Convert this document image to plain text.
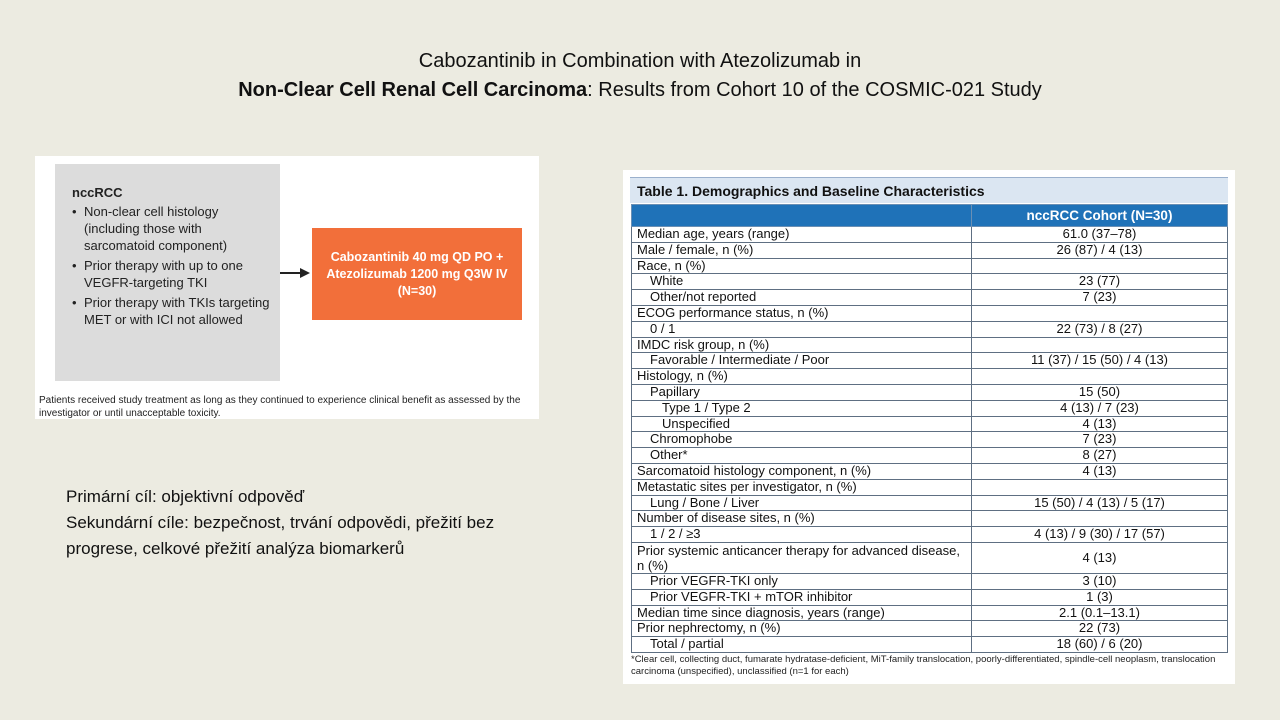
Cabozantinib in Combination with Atezolizumab in
Non-Clear Cell Renal Cell Carcinoma: Results from Cohort 10 of the COSMIC-021 Study
nccRCC
• Non-clear cell histology (including those with sarcomatoid component)
• Prior therapy with up to one VEGFR-targeting TKI
• Prior therapy with TKIs targeting MET or with ICI not allowed
Cabozantinib 40 mg QD PO +
Atezolizumab 1200 mg Q3W IV
(N=30)
Patients received study treatment as long as they continued to experience clinical benefit as assessed by the investigator or until unacceptable toxicity.

Primární cíl: objektivní odpověď

Sekundární cíle: bezpečnost, trvání odpovědi, přežití bez progrese, celkové přežití analýza biomarkerů

Table 1. Demographics and Baseline Characteristics
	nccRCC Cohort (N=30)
Median age, years (range)	61.0 (37–78)
Male / female, n (%)	26 (87) / 4 (13)
Race, n (%)	
White	23 (77)
Other/not reported	7 (23)
ECOG performance status, n (%)	
0 / 1	22 (73) / 8 (27)
IMDC risk group, n (%)	
Favorable / Intermediate / Poor	11 (37) / 15 (50) / 4 (13)
Histology, n (%)	
Papillary	15 (50)
Type 1 / Type 2	4 (13) / 7 (23)
Unspecified	4 (13)
Chromophobe	7 (23)
Other*	8 (27)
Sarcomatoid histology component, n (%)	4 (13)
Metastatic sites per investigator, n (%)	
Lung / Bone / Liver	15 (50) / 4 (13) / 5 (17)
Number of disease sites, n (%)	
1 / 2 / ≥3	4 (13) / 9 (30) / 17 (57)
Prior systemic anticancer therapy for advanced disease, n (%)	4 (13)
Prior VEGFR-TKI only	3 (10)
Prior VEGFR-TKI + mTOR inhibitor	1 (3)
Median time since diagnosis, years (range)	2.1 (0.1–13.1)
Prior nephrectomy, n (%)	22 (73)
Total / partial	18 (60) / 6 (20)
*Clear cell, collecting duct, fumarate hydratase-deficient, MiT-family translocation, poorly-differentiated, spindle-cell neoplasm, translocation carcinoma (unspecified), unclassified (n=1 for each)
